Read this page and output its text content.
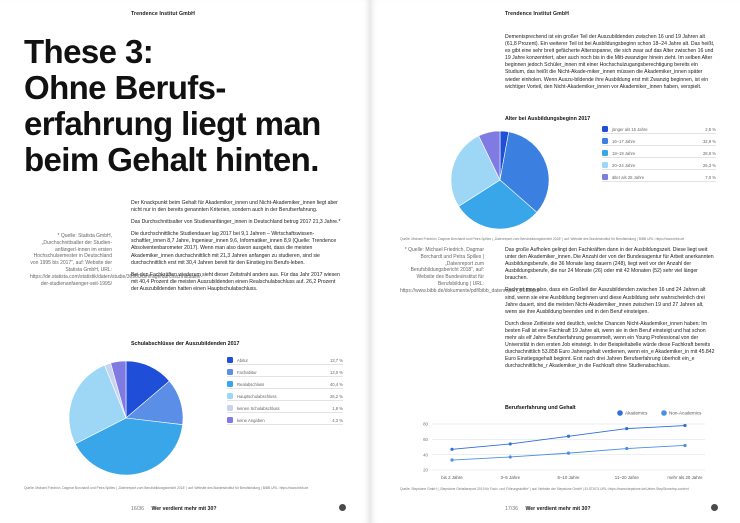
Trendence Institut GmbH
These 3:
Ohne Berufs-
erfahrung liegt man
beim Gehalt hinten.
* Quelle: Statista GmbH, „Durchschnittsalter der Studien-anfänger/-innen im ersten Hochschulsemester in Deutschland von 1995 bis 2017“, auf: Website der Statista GmbH, URL: https://de.statista.com/statistik/daten/studie/36960/umfrage/durchschnittsalter-der-studienanfaenger-seit-1995/

Der Knackpunkt beim Gehalt für Akademiker_innen und Nicht-Akademiker_innen liegt aber nicht nur in den bereits genannten Kriterien, sondern auch in der Berufserfahrung.

Das Durchschnittsalter von Studienanfänger_innen in Deutschland betrug 2017 21,3 Jahre.*

Die durchschnittliche Studiendauer lag 2017 bei 9,1 Jahren – Wirtschaftswissen-schaftler_innen 8,7 Jahre, Ingenieur_innen 9,6, Informatiker_innen 8,9 (Quelle: Trendence Absolventenbarometer 2017). Wenn man also davon ausgeht, dass die meisten Akademiker_innen durchschnittlich mit 21,3 Jahren anfangen zu studieren, sind sie durchschnittlich erst mit 30,4 Jahren bereit für den Einstieg ins Berufs-leben.

Bei den Fachkräften wiederum sieht dieser Zeitstrahl anders aus. Für das Jahr 2017 wiesen mit 40,4 Prozent die meisten Auszubildenden einen Realschulabschluss auf. 26,2 Prozent der Auszubildenden hatten einen Hauptschulabschluss.

Schulabschlüsse der Auszubildenden 2017
Abitur	13,7 %
Fachabitur	13,0 %
Realabschluss	40,4 %
Hauptschulabschluss	26,2 %
keinen Schulabschluss	1,8 %
keine Angaben	4,3 %
Quelle: Michael Friedrich, Dagmar Borchardt und Petra Spilles | „Datenreport zum Berufsbildungsbericht 2018“ | auf: Website des Bundesinstitut für Berufsbildung | BIBB URL: https://www.bibb.de
16/36 Wer verdient mehr mit 30?
Trendence Institut GmbH

Dementsprechend ist ein großer Teil der Auszubildenden zwischen 16 und 19 Jahren alt (61,8 Prozent). Ein weiterer Teil ist bei Ausbildungsbeginn schon 18–24 Jahre alt. Das heißt, es gibt eine sehr breit gefächerte Altersspanne, die sich zwar auf das Alter zwischen 16 und 19 Jahre konzentriert, aber auch noch bis in die Mitt-zwanziger hinein zieht. Im selben Alter beginnen jedoch Schüler_innen mit einer Hochschulzugangsberechtigung bereits ein Studium, das heißt die Nicht-Akade-miker_innen müssen die Akademiker_innen später wieder einholen. Wenn Auszu-bildende ihre Ausbildung erst mit Zwanzig beginnen, ist ein wichtiger Vorteil, den Nicht-Akademiker_innen vor Akademiker_innen haben, verspielt.

Alter bei Ausbildungsbeginn 2017
jünger als 15 Jahre	2,8 %
16–17 Jahre	32,9 %
18–19 Jahre	28,9 %
20–24 Jahre	26,3 %
älter als 25 Jahre	7,0 %
Quelle: Michael Friedrich, Dagmar Borchardt und Petra Spilles | „Datenreport zum Berufsbildungsbericht 2018“ | auf: Website des Bundesinstitut für Berufsbildung | BIBB URL: https://www.bibb.de
* Quelle: Michael Friedrich, Dagmar Borchardt und Petra Spilles | „Datenreport zum Berufsbildungsbericht 2018“, auf: Website des Bundesinstitut für Berufsbildung | URL: https://www.bibb.de/dokumente/pdf/bibb_datenreport_2018.pdf

Das große Aufholen gelingt den Fachkräften dann in der Ausbildungszeit. Diese liegt weit unter den Akademiker_innen. Die Anzahl der von der Bundesagentur für Arbeit anerkannten Ausbildungsberufe, die 36 Monate lang dauern (248), liegt weit vor der Anzahl der Ausbildungsberufe, die nur 24 Monate (26) oder mit 42 Monaten (52) sehr viel länger brauchen.

Rechnet man also, dass ein Großteil der Auszubildenden zwischen 16 und 24 Jahren alt sind, wenn sie eine Ausbildung beginnen und diese Ausbildung sehr wahrscheinlich drei Jahre dauert, sind die meisten Nicht-Akademiker_innen zwischen 19 und 27 Jahren alt, wenn sie ihre Ausbildung beenden und in den Beruf einsteigen.

Durch diese Zeitleiste wird deutlich, welche Chancen Nicht-Akademiker_innen haben: Im besten Fall ist eine Fachkraft 19 Jahre alt, wenn sie in den Beruf einsteigt und hat schon mehr als elf Jahre Berufserfahrung gesammelt, wenn ein Young Professional von der Universität in den ersten Job einsteigt. In der Beispieltabelle würde diese Fachkraft bereits durchschnittlich 53.858 Euro Jahresgehalt verdienen, wenn ein_e Akademiker_in mit 45.842 Euro Einstiegsgehalt beginnt. Erst nach drei Jahren Berufserfahrung überholt ein_e durchschnittliche_r Akademiker_in die Fachkraft ohne Studienabschluss.

Berufserfahrung und Gehalt
Akademics	Non-Academics
20
40
60
80
bis 2 Jahre	3–5 Jahre	6–10 Jahre	11–20 Jahre	mehr als 20 Jahre
Quelle: Stepstone GmbH | „Stepstone Gehaltsreport 2019 für Fach- und Führungskräfte“ | auf: Website der Stepstone GmbH | ELSTATG URL: https://www.stepstone.de/Ueber-StepStone/wp-content
17/36 Wer verdient mehr mit 30?
